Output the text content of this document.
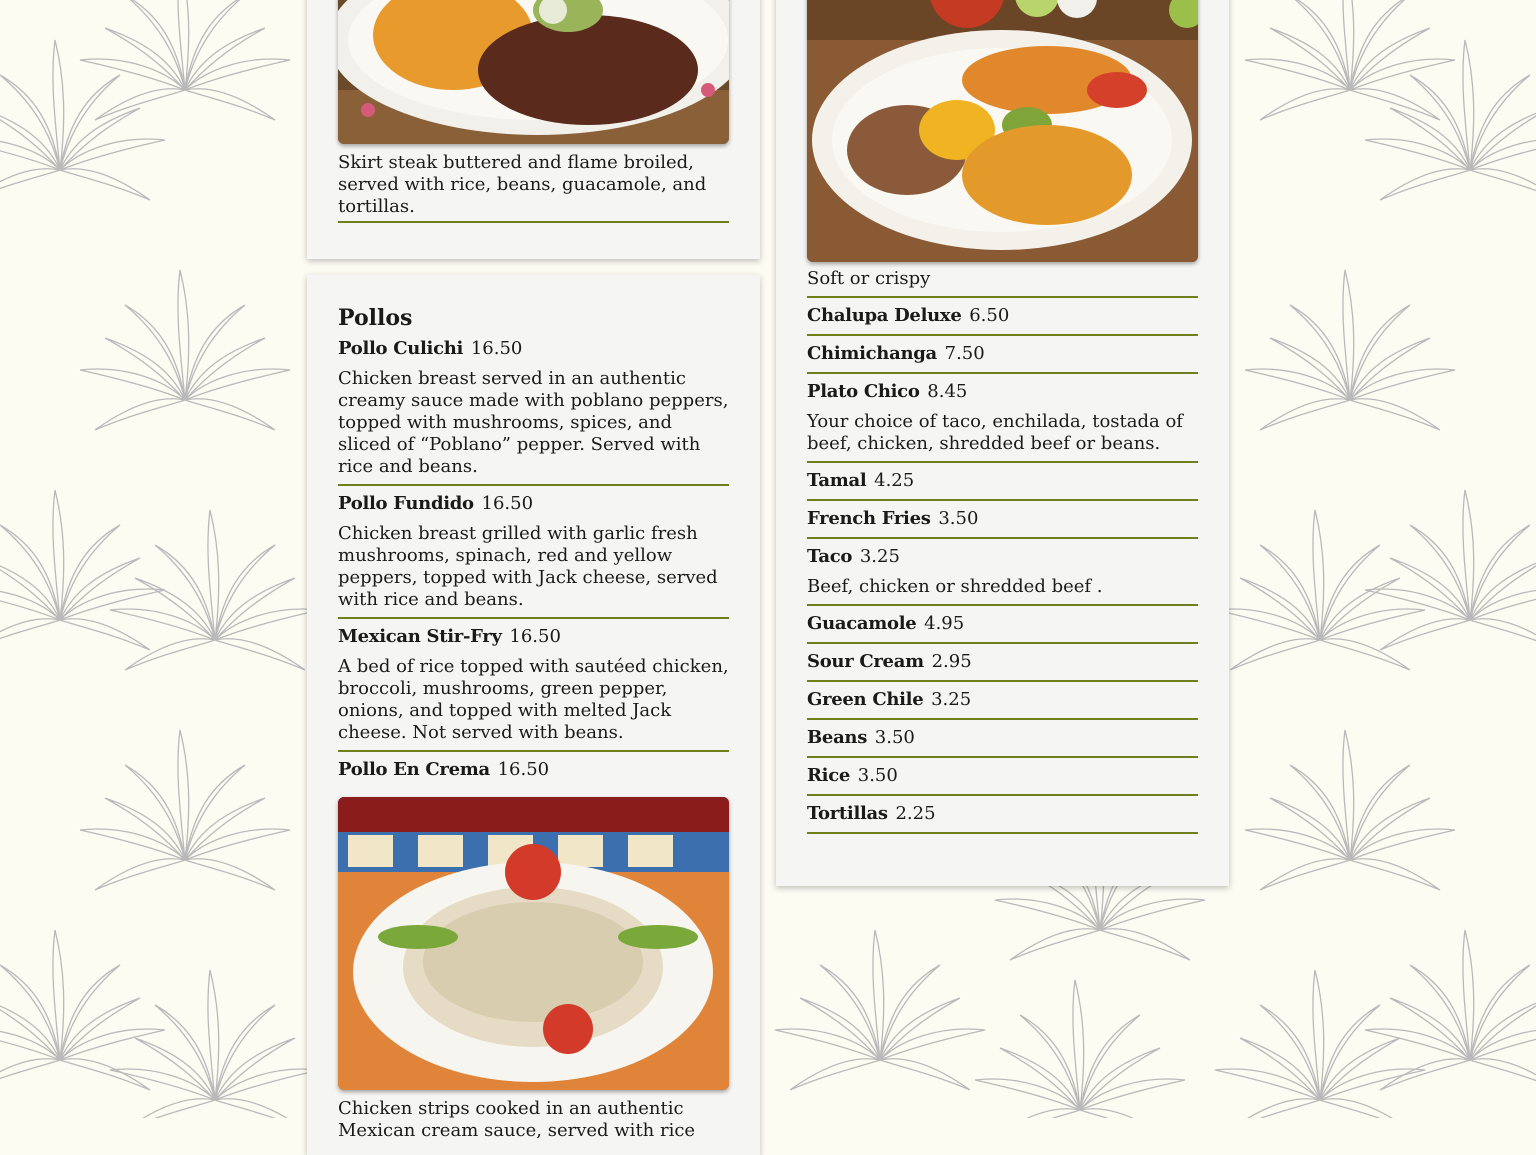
Skirt steak buttered and flame broiled, served with rice, beans, guacamole, and tortillas.

Pollos
Pollo Culichi 16.50
Chicken breast served in an authentic creamy sauce made with poblano peppers, topped with mushrooms, spices, and sliced of “Poblano” pepper. Served with rice and beans.
Pollo Fundido 16.50
Chicken breast grilled with garlic fresh mushrooms, spinach, red and yellow peppers, topped with Jack cheese, served with rice and beans.
Mexican Stir-Fry 16.50
A bed of rice topped with sautéed chicken, broccoli, mushrooms, green pepper, onions, and topped with melted Jack cheese. Not served with beans.
Pollo En Crema 16.50

Chicken strips cooked in an authentic Mexican cream sauce, served with rice

Soft or crispy
Chalupa Deluxe 6.50
Chimichanga 7.50
Plato Chico 8.45
Your choice of taco, enchilada, tostada of beef, chicken, shredded beef or beans.
Tamal 4.25
French Fries 3.50
Taco 3.25
Beef, chicken or shredded beef .
Guacamole 4.95
Sour Cream 2.95
Green Chile 3.25
Beans 3.50
Rice 3.50
Tortillas 2.25
